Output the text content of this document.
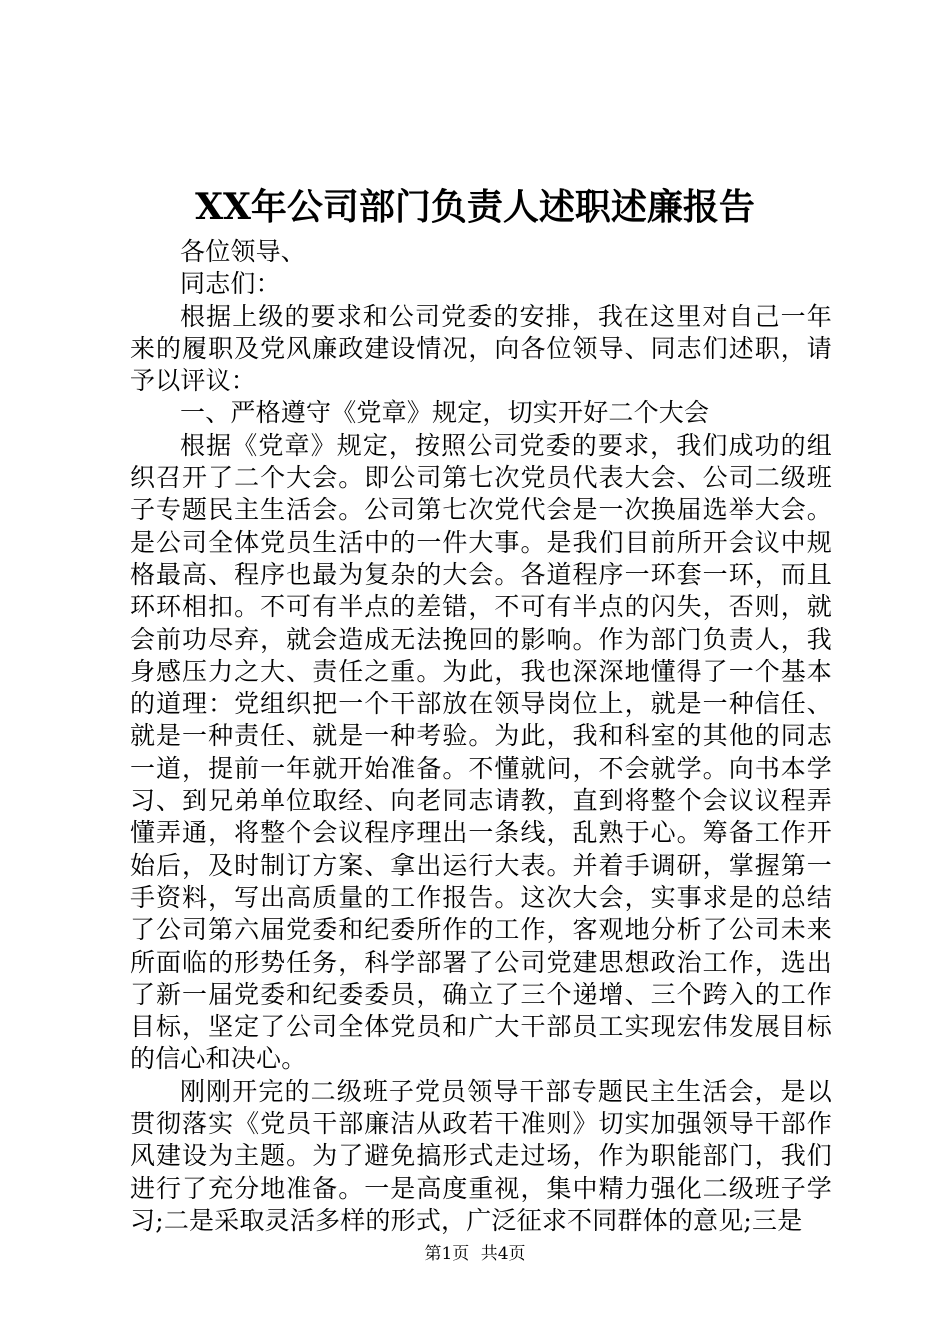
XX年公司部门负责人述职述廉报告

各位领导、

同志们：

根据上级的要求和公司党委的安排，我在这里对自己一年来的履职及党风廉政建设情况，向各位领导、同志们述职，请予以评议：

一、严格遵守《党章》规定，切实开好二个大会

根据《党章》规定，按照公司党委的要求，我们成功的组织召开了二个大会。即公司第七次党员代表大会、公司二级班子专题民主生活会。公司第七次党代会是一次换届选举大会。是公司全体党员生活中的一件大事。是我们目前所开会议中规格最高、程序也最为复杂的大会。各道程序一环套一环，而且环环相扣。不可有半点的差错，不可有半点的闪失，否则，就会前功尽弃，就会造成无法挽回的影响。作为部门负责人，我身感压力之大、责任之重。为此，我也深深地懂得了一个基本的道理：党组织把一个干部放在领导岗位上，就是一种信任、就是一种责任、就是一种考验。为此，我和科室的其他的同志一道，提前一年就开始准备。不懂就问，不会就学。向书本学习、到兄弟单位取经、向老同志请教，直到将整个会议议程弄懂弄通，将整个会议程序理出一条线，乱熟于心。筹备工作开始后，及时制订方案、拿出运行大表。并着手调研，掌握第一手资料，写出高质量的工作报告。这次大会，实事求是的总结了公司第六届党委和纪委所作的工作，客观地分析了公司未来所面临的形势任务，科学部署了公司党建思想政治工作，选出了新一届党委和纪委委员，确立了三个递增、三个跨入的工作目标，坚定了公司全体党员和广大干部员工实现宏伟发展目标的信心和决心。

刚刚开完的二级班子党员领导干部专题民主生活会，是以贯彻落实《党员干部廉洁从政若干准则》切实加强领导干部作风建设为主题。为了避免搞形式走过场，作为职能部门，我们进行了充分地准备。一是高度重视，集中精力强化二级班子学习;二是采取灵活多样的形式，广泛征求不同群体的意见;三是

第1页 共4页
